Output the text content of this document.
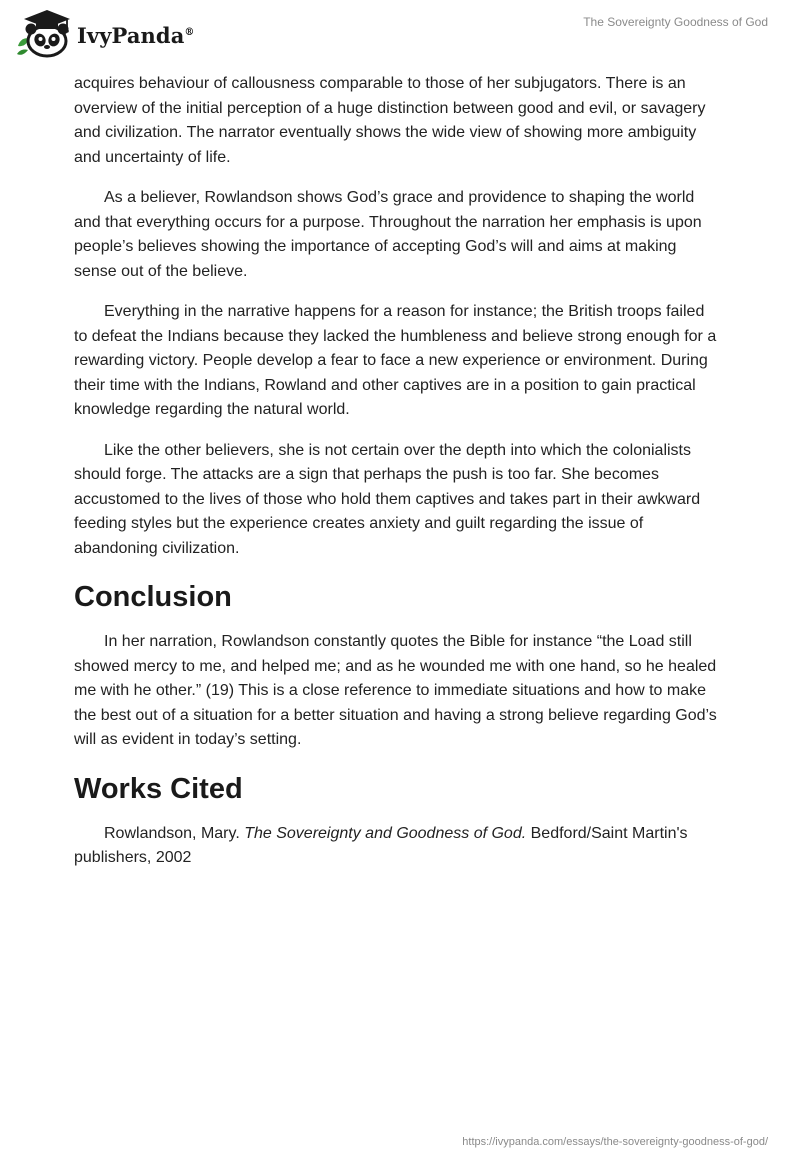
IvyPanda®
The Sovereignty Goodness of God

acquires behaviour of callousness comparable to those of her subjugators. There is an overview of the initial perception of a huge distinction between good and evil, or savagery and civilization. The narrator eventually shows the wide view of showing more ambiguity and uncertainty of life.

As a believer, Rowlandson shows God’s grace and providence to shaping the world and that everything occurs for a purpose. Throughout the narration her emphasis is upon people’s believes showing the importance of accepting God’s will and aims at making sense out of the believe.

Everything in the narrative happens for a reason for instance; the British troops failed to defeat the Indians because they lacked the humbleness and believe strong enough for a rewarding victory. People develop a fear to face a new experience or environment. During their time with the Indians, Rowland and other captives are in a position to gain practical knowledge regarding the natural world.

Like the other believers, she is not certain over the depth into which the colonialists should forge. The attacks are a sign that perhaps the push is too far. She becomes accustomed to the lives of those who hold them captives and takes part in their awkward feeding styles but the experience creates anxiety and guilt regarding the issue of abandoning civilization.

Conclusion

In her narration, Rowlandson constantly quotes the Bible for instance “the Load still showed mercy to me, and helped me; and as he wounded me with one hand, so he healed me with he other.” (19) This is a close reference to immediate situations and how to make the best out of a situation for a better situation and having a strong believe regarding God’s will as evident in today’s setting.

Works Cited

Rowlandson, Mary. The Sovereignty and Goodness of God. Bedford/Saint Martin's publishers, 2002

https://ivypanda.com/essays/the-sovereignty-goodness-of-god/
